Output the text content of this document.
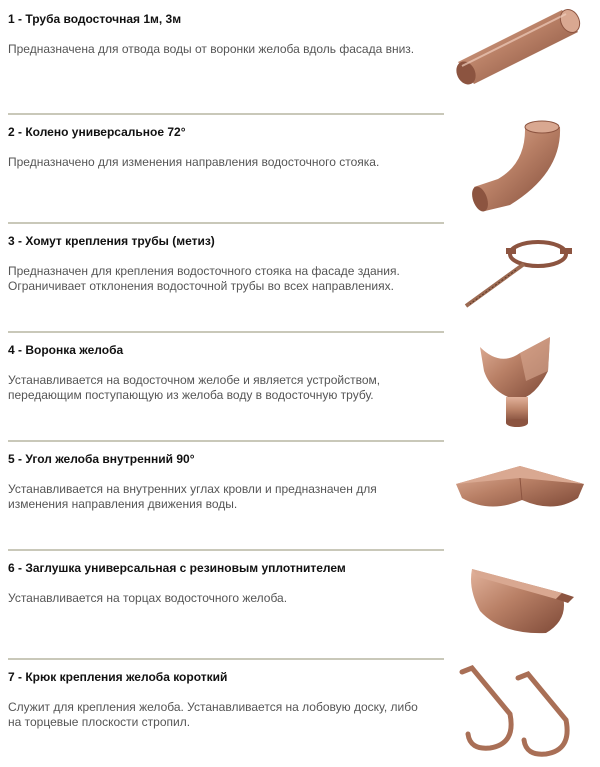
1 - Труба водосточная 1м, 3м
Предназначена для отвода воды от воронки желоба вдоль фасада вниз.
2 - Колено универсальное 72°
Предназначено для изменения направления водосточного стояка.
3 - Хомут крепления трубы (метиз)
Предназначен для крепления водосточного стояка на фасаде здания.
Ограничивает отклонения водосточной трубы во всех направлениях.
4 - Воронка желоба
Устанавливается на водосточном желобе и является устройством,
передающим поступающую из желоба воду в водосточную трубу.
5 - Угол желоба внутренний 90°
Устанавливается на внутренних углах кровли и предназначен для
изменения направления движения воды.
6 - Заглушка универсальная с резиновым уплотнителем
Устанавливается на торцах водосточного желоба.
7 - Крюк крепления желоба короткий
Служит для крепления желоба. Устанавливается на лобовую доску, либо
на торцевые плоскости стропил.
